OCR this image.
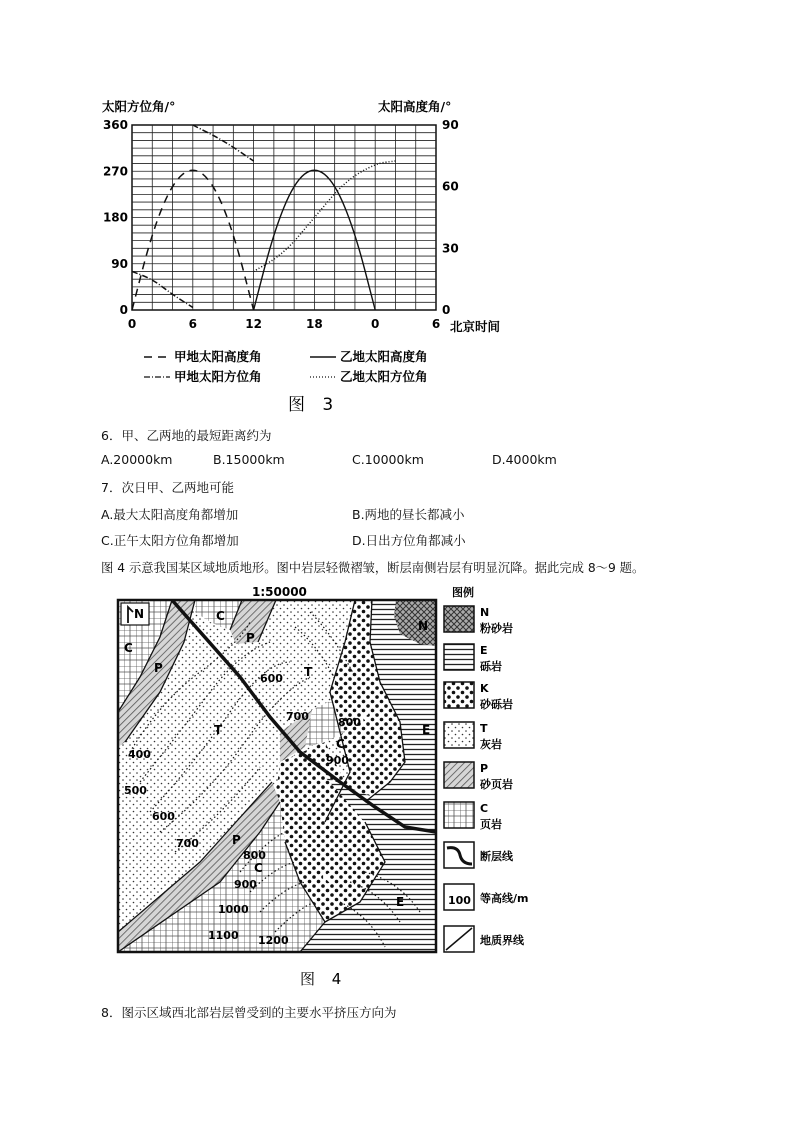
太阳方位角/°	太阳高度角/°
0
90
180
270
360
0
30
60
90
0	6	12	18	0	6 北京时间
甲地太阳高度角	乙地太阳高度角
甲地太阳方位角	乙地太阳方位角
图 3
6．甲、乙两地的最短距离约为
A.20000km	B.15000km	C.10000km	D.4000km
7．次日甲、乙两地可能
A.最大太阳高度角都增加	B.两地的昼长都减小
C.正午太阳方位角都增加	D.日出方位角都减小
图 4 示意我国某区域地质地形。图中岩层轻微褶皱，断层南侧岩层有明显沉降。据此完成 8～9 题。
1:50000
N
C
P
C
P
T
T
K
E
C
C
P
K
E
N
400
500
600
600
700
700	800
800
900
900
1000
1100 1200
图例
N
粉砂岩
E
砾岩
K
砂砾岩
T
灰岩
P
砂页岩
C
页岩
断层线
100 等高线/m
地质界线
图 4
8．图示区域西北部岩层曾受到的主要水平挤压方向为
